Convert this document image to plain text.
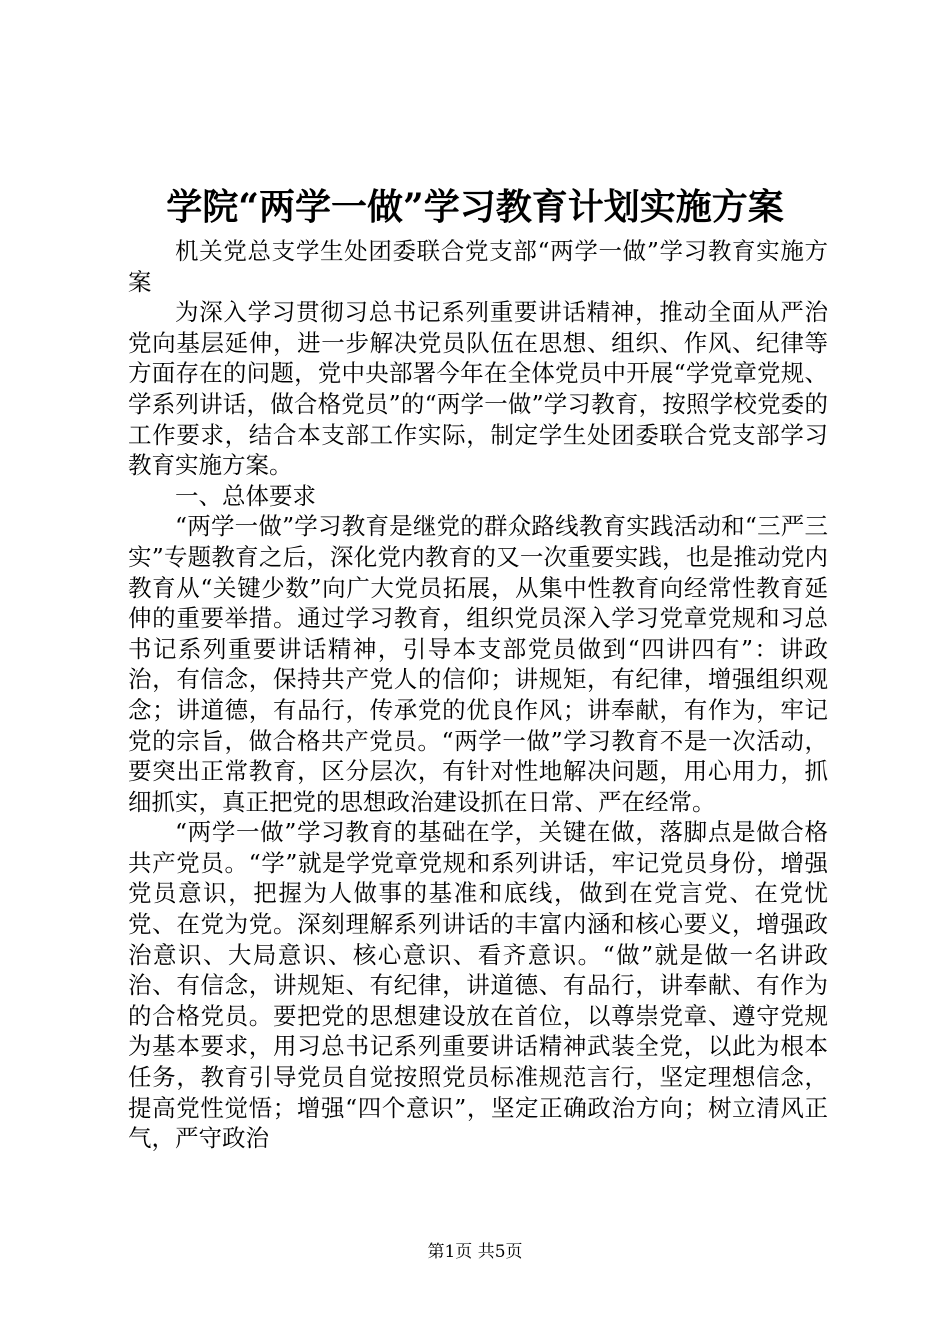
学院“两学一做”学习教育计划实施方案

机关党总支学生处团委联合党支部“两学一做”学习教育实施方案

为深入学习贯彻习总书记系列重要讲话精神，推动全面从严治党向基层延伸，进一步解决党员队伍在思想、组织、作风、纪律等方面存在的问题，党中央部署今年在全体党员中开展“学党章党规、学系列讲话，做合格党员”的“两学一做”学习教育，按照学校党委的工作要求，结合本支部工作实际，制定学生处团委联合党支部学习教育实施方案。

一、总体要求

“两学一做”学习教育是继党的群众路线教育实践活动和“三严三实”专题教育之后，深化党内教育的又一次重要实践，也是推动党内教育从“关键少数”向广大党员拓展，从集中性教育向经常性教育延伸的重要举措。通过学习教育，组织党员深入学习党章党规和习总书记系列重要讲话精神，引导本支部党员做到“四讲四有”：讲政治，有信念，保持共产党人的信仰；讲规矩，有纪律，增强组织观念；讲道德，有品行，传承党的优良作风；讲奉献，有作为，牢记党的宗旨，做合格共产党员。“两学一做”学习教育不是一次活动，要突出正常教育，区分层次，有针对性地解决问题，用心用力，抓细抓实，真正把党的思想政治建设抓在日常、严在经常。

“两学一做”学习教育的基础在学，关键在做，落脚点是做合格共产党员。“学”就是学党章党规和系列讲话，牢记党员身份，增强党员意识，把握为人做事的基准和底线，做到在党言党、在党忧党、在党为党。深刻理解系列讲话的丰富内涵和核心要义，增强政治意识、大局意识、核心意识、看齐意识。“做”就是做一名讲政治、有信念，讲规矩、有纪律，讲道德、有品行，讲奉献、有作为的合格党员。要把党的思想建设放在首位，以尊崇党章、遵守党规为基本要求，用习总书记系列重要讲话精神武装全党，以此为根本任务，教育引导党员自觉按照党员标准规范言行，坚定理想信念，提高党性觉悟；增强“四个意识”，坚定正确政治方向；树立清风正气，严守政治

第1页 共5页
